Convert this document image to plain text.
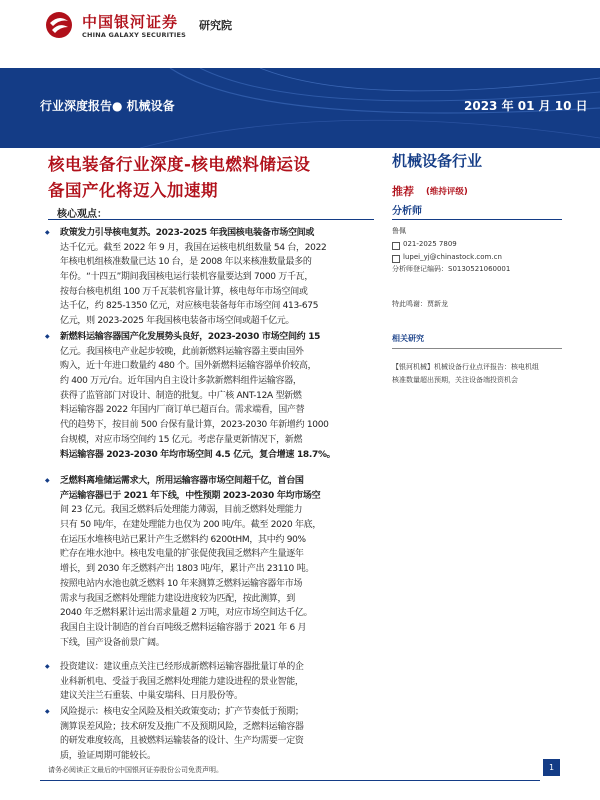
中国银河证券
CHINA GALAXY SECURITIES
研究院
行业深度报告● 机械设备	2023 年 01 月 10 日
核电装备行业深度-核电燃料储运设
备国产化将迈入加速期
核心观点：
◆ 政策发力引导核电复苏。2023-2025 年我国核电装备市场空间或
达千亿元。截至 2022 年 9 月，我国在运核电机组数量 54 台，2022
年核电机组核准数量已达 10 台，是 2008 年以来核准数量最多的
年份。“十四五”期间我国核电运行装机容量要达到 7000 万千瓦，
按每台核电机组 100 万千瓦装机容量计算，核电每年市场空间或
达千亿，约 825-1350 亿元，对应核电装备每年市场空间 413-675
亿元，则 2023-2025 年我国核电装备市场空间或超千亿元。
◆ 新燃料运输容器国产化发展势头良好，2023-2030 市场空间约 15
亿元。我国核电产业起步较晚，此前新燃料运输容器主要由国外
购入，近十年进口数量约 480 个。国外新燃料运输容器单价较高，
约 400 万元/台。近年国内自主设计多款新燃料组件运输容器，
获得了监管部门对设计、制造的批复。中广核 ANT-12A 型新燃
料运输容器 2022 年国内厂商订单已超百台。需求端看，国产替
代的趋势下，按目前 500 台保有量计算，2023-2030 年新增约 1000
台规模，对应市场空间约 15 亿元。考虑存量更新情况下，新燃
料运输容器 2023-2030 年均市场空间 4.5 亿元，复合增速 18.7%。
◆ 乏燃料离堆储运需求大，所用运输容器市场空间超千亿，首台国
产运输容器已于 2021 年下线，中性预期 2023-2030 年均市场空
间 23 亿元。我国乏燃料后处理能力薄弱，目前乏燃料处理能力
只有 50 吨/年，在建处理能力也仅为 200 吨/年。截至 2020 年底，
在运压水堆核电站已累计产生乏燃料约 6200tHM，其中约 90%
贮存在堆水池中。核电发电量的扩张促使我国乏燃料产生量逐年
增长，到 2030 年乏燃料产出 1803 吨/年，累计产出 23110 吨。
按照电站内水池也就乏燃料 10 年来测算乏燃料运输容器年市场
需求与我国乏燃料处理能力建设进度较为匹配，按此测算，到
2040 年乏燃料累计运出需求量超 2 万吨，对应市场空间达千亿。
我国自主设计制造的首台百吨级乏燃料运输容器于 2021 年 6 月
下线，国产设备前景广阔。
◆ 投资建议：建议重点关注已经形成新燃料运输容器批量订单的企
业科新机电、受益于我国乏燃料处理能力建设进程的景业智能，
建议关注兰石重装、中巢安瑞科、日月股份等。
◆ 风险提示：核电安全风险及相关政策变动；扩产节奏低于预期；
测算误差风险；技术研发及推广不及预期风险，乏燃料运输容器
的研发难度较高，且被燃料运输装备的设计、生产均需要一定资
质，验证周期可能较长。
机械设备行业
推荐 (维持评级)
分析师
鲁佩
021-2025 7809
lupei_yj@chinastock.com.cn
分析师登记编码：S0130521060001
特此鸣谢：贾新龙
相关研究
【银河机械】机械设备行业点评报告：核电机组
核准数量超出预期，关注设备端投资机会
请务必阅读正文最后的中国银河证券股份公司免责声明。	1
